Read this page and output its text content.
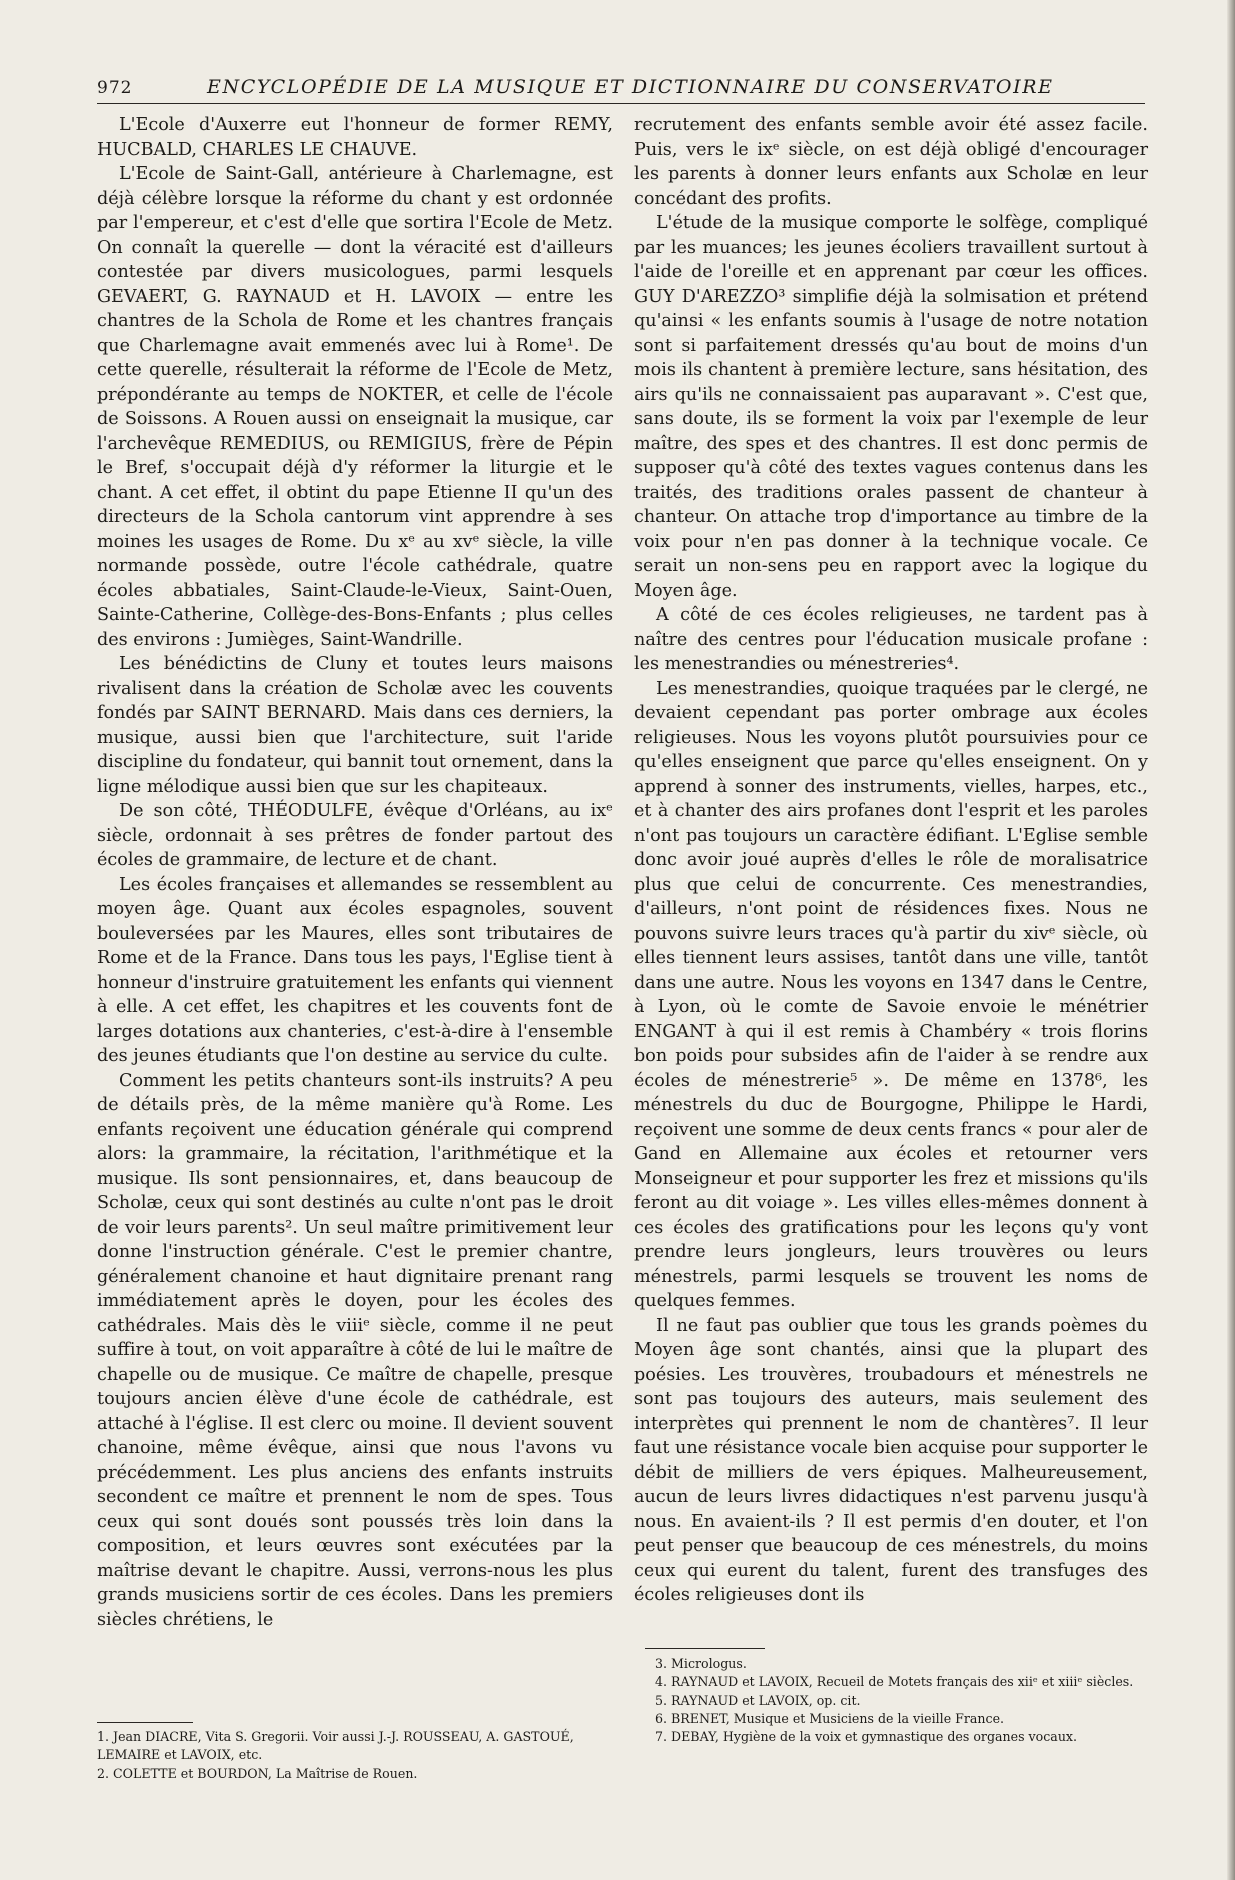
972	ENCYCLOPÉDIE DE LA MUSIQUE ET DICTIONNAIRE DU CONSERVATOIRE

L'Ecole d'Auxerre eut l'honneur de former REMY, HUCBALD, CHARLES LE CHAUVE.

L'Ecole de Saint-Gall, antérieure à Charlemagne, est déjà célèbre lorsque la réforme du chant y est ordonnée par l'empereur, et c'est d'elle que sortira l'Ecole de Metz. On connaît la querelle — dont la véracité est d'ailleurs contestée par divers musicologues, parmi lesquels GEVAERT, G. RAYNAUD et H. LAVOIX — entre les chantres de la Schola de Rome et les chantres français que Charlemagne avait emmenés avec lui à Rome¹. De cette querelle, résulterait la réforme de l'Ecole de Metz, prépondérante au temps de NOKTER, et celle de l'école de Soissons. A Rouen aussi on enseignait la musique, car l'archevêque REMEDIUS, ou REMIGIUS, frère de Pépin le Bref, s'occupait déjà d'y réformer la liturgie et le chant. A cet effet, il obtint du pape Etienne II qu'un des directeurs de la Schola cantorum vint apprendre à ses moines les usages de Rome. Du xᵉ au xvᵉ siècle, la ville normande possède, outre l'école cathédrale, quatre écoles abbatiales, Saint-Claude-le-Vieux, Saint-Ouen, Sainte-Catherine, Collège-des-Bons-Enfants ; plus celles des environs : Jumièges, Saint-Wandrille.

Les bénédictins de Cluny et toutes leurs maisons rivalisent dans la création de Scholæ avec les couvents fondés par SAINT BERNARD. Mais dans ces derniers, la musique, aussi bien que l'architecture, suit l'aride discipline du fondateur, qui bannit tout ornement, dans la ligne mélodique aussi bien que sur les chapiteaux.

De son côté, THÉODULFE, évêque d'Orléans, au ixᵉ siècle, ordonnait à ses prêtres de fonder partout des écoles de grammaire, de lecture et de chant.

Les écoles françaises et allemandes se ressemblent au moyen âge. Quant aux écoles espagnoles, souvent bouleversées par les Maures, elles sont tributaires de Rome et de la France. Dans tous les pays, l'Eglise tient à honneur d'instruire gratuitement les enfants qui viennent à elle. A cet effet, les chapitres et les couvents font de larges dotations aux chanteries, c'est-à-dire à l'ensemble des jeunes étudiants que l'on destine au service du culte.

Comment les petits chanteurs sont-ils instruits? A peu de détails près, de la même manière qu'à Rome. Les enfants reçoivent une éducation générale qui comprend alors: la grammaire, la récitation, l'arithmétique et la musique. Ils sont pensionnaires, et, dans beaucoup de Scholæ, ceux qui sont destinés au culte n'ont pas le droit de voir leurs parents². Un seul maître primitivement leur donne l'instruction générale. C'est le premier chantre, généralement chanoine et haut dignitaire prenant rang immédiatement après le doyen, pour les écoles des cathédrales. Mais dès le viiiᵉ siècle, comme il ne peut suffire à tout, on voit apparaître à côté de lui le maître de chapelle ou de musique. Ce maître de chapelle, presque toujours ancien élève d'une école de cathédrale, est attaché à l'église. Il est clerc ou moine. Il devient souvent chanoine, même évêque, ainsi que nous l'avons vu précédemment. Les plus anciens des enfants instruits secondent ce maître et prennent le nom de spes. Tous ceux qui sont doués sont poussés très loin dans la composition, et leurs œuvres sont exécutées par la maîtrise devant le chapitre. Aussi, verrons-nous les plus grands musiciens sortir de ces écoles. Dans les premiers siècles chrétiens, le

recrutement des enfants semble avoir été assez facile. Puis, vers le ixᵉ siècle, on est déjà obligé d'encourager les parents à donner leurs enfants aux Scholæ en leur concédant des profits.

L'étude de la musique comporte le solfège, compliqué par les muances; les jeunes écoliers travaillent surtout à l'aide de l'oreille et en apprenant par cœur les offices. GUY D'AREZZO³ simplifie déjà la solmisation et prétend qu'ainsi « les enfants soumis à l'usage de notre notation sont si parfaitement dressés qu'au bout de moins d'un mois ils chantent à première lecture, sans hésitation, des airs qu'ils ne connaissaient pas auparavant ». C'est que, sans doute, ils se forment la voix par l'exemple de leur maître, des spes et des chantres. Il est donc permis de supposer qu'à côté des textes vagues contenus dans les traités, des traditions orales passent de chanteur à chanteur. On attache trop d'importance au timbre de la voix pour n'en pas donner à la technique vocale. Ce serait un non-sens peu en rapport avec la logique du Moyen âge.

A côté de ces écoles religieuses, ne tardent pas à naître des centres pour l'éducation musicale profane : les menestrandies ou ménestreries⁴.

Les menestrandies, quoique traquées par le clergé, ne devaient cependant pas porter ombrage aux écoles religieuses. Nous les voyons plutôt poursuivies pour ce qu'elles enseignent que parce qu'elles enseignent. On y apprend à sonner des instruments, vielles, harpes, etc., et à chanter des airs profanes dont l'esprit et les paroles n'ont pas toujours un caractère édifiant. L'Eglise semble donc avoir joué auprès d'elles le rôle de moralisatrice plus que celui de concurrente. Ces menestrandies, d'ailleurs, n'ont point de résidences fixes. Nous ne pouvons suivre leurs traces qu'à partir du xivᵉ siècle, où elles tiennent leurs assises, tantôt dans une ville, tantôt dans une autre. Nous les voyons en 1347 dans le Centre, à Lyon, où le comte de Savoie envoie le ménétrier ENGANT à qui il est remis à Chambéry « trois florins bon poids pour subsides afin de l'aider à se rendre aux écoles de ménestrerie⁵ ». De même en 1378⁶, les ménestrels du duc de Bourgogne, Philippe le Hardi, reçoivent une somme de deux cents francs « pour aler de Gand en Allemaine aux écoles et retourner vers Monseigneur et pour supporter les frez et missions qu'ils feront au dit voiage ». Les villes elles-mêmes donnent à ces écoles des gratifications pour les leçons qu'y vont prendre leurs jongleurs, leurs trouvères ou leurs ménestrels, parmi lesquels se trouvent les noms de quelques femmes.

Il ne faut pas oublier que tous les grands poèmes du Moyen âge sont chantés, ainsi que la plupart des poésies. Les trouvères, troubadours et ménestrels ne sont pas toujours des auteurs, mais seulement des interprètes qui prennent le nom de chantères⁷. Il leur faut une résistance vocale bien acquise pour supporter le débit de milliers de vers épiques. Malheureusement, aucun de leurs livres didactiques n'est parvenu jusqu'à nous. En avaient-ils ? Il est permis d'en douter, et l'on peut penser que beaucoup de ces ménestrels, du moins ceux qui eurent du talent, furent des transfuges des écoles religieuses dont ils

1. Jean DIACRE, Vita S. Gregorii. Voir aussi J.-J. ROUSSEAU, A. GASTOUÉ, LEMAIRE et LAVOIX, etc.
2. COLETTE et BOURDON, La Maîtrise de Rouen.
3. Micrologus.
4. RAYNAUD et LAVOIX, Recueil de Motets français des xiiᵉ et xiiiᵉ siècles.
5. RAYNAUD et LAVOIX, op. cit.
6. BRENET, Musique et Musiciens de la vieille France.
7. DEBAY, Hygiène de la voix et gymnastique des organes vocaux.
